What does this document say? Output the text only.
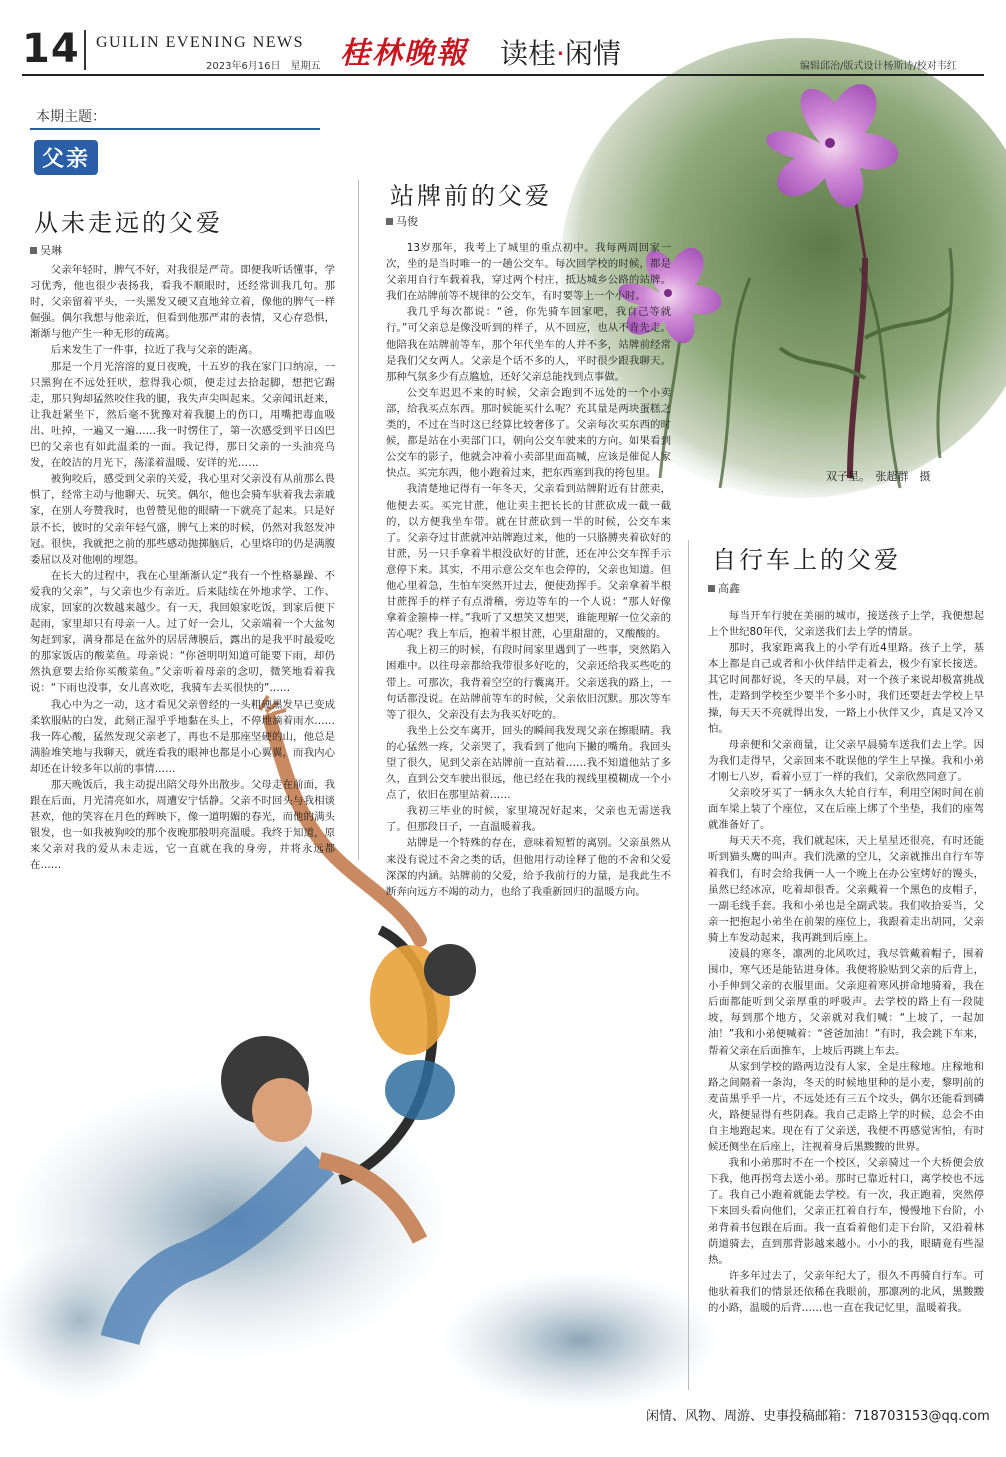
14 GUILIN EVENING NEWS
2023年6月16日　星期五 桂林晚報 读桂·闲情	编辑邱治/版式设计杨斯诗/校对韦红
本期主题：
父亲
从未走远的父爱
吴琳

父亲年轻时，脾气不好，对我很是严苛。即便我听话懂事，学习优秀，他也很少表扬我，看我不顺眼时，还经常训我几句。那时，父亲留着平头，一头黑发又硬又直地耸立着，像他的脾气一样倔强。偶尔我想与他亲近，但看到他那严肃的表情，又心存恐惧，渐渐与他产生一种无形的疏离。

后来发生了一件事，拉近了我与父亲的距离。

那是一个月光溶溶的夏日夜晚，十五岁的我在家门口纳凉，一只黑狗在不远处狂吠，惹得我心烦，便走过去拾起脚，想把它踢走，那只狗却猛然咬住我的腿，我失声尖叫起来。父亲闻讯赶来，让我赶紧坐下，然后毫不犹豫对着我腿上的伤口，用嘴把毒血吸出、吐掉，一遍又一遍……我一时愣住了，第一次感受到平日凶巴巴的父亲也有如此温柔的一面。我记得，那日父亲的一头油亮乌发，在皎洁的月光下，荡漾着温暖、安详的光……

被狗咬后，感受到父亲的关爱，我心里对父亲没有从前那么畏惧了，经常主动与他聊天、玩笑。偶尔，他也会骑车驮着我去亲戚家，在别人夸赞我时，也曾赞见他的眼睛一下就亮了起来。只是好景不长，彼时的父亲年轻气盛，脾气上来的时候，仍然对我怒发冲冠。很快，我就把之前的那些感动抛掷脑后，心里烙印的仍是满腹委屈以及对他刚的埋怨。

在长大的过程中，我在心里渐渐认定“我有一个性格暴躁、不爱我的父亲”，与父亲也少有亲近。后来陆续在外地求学、工作、成家，回家的次数越来越少。有一天，我回娘家吃饭，到家后便下起雨，家里却只有母亲一人。过了好一会儿，父亲端着一个大盆匆匆赶到家，满身都是在盆外的居居薄膜后，露出的是我平时最爱吃的那家饭店的酸菜鱼。母亲说：“你爸明明知道可能要下雨，却仍然执意要去给你买酸菜鱼。”父亲听着母亲的念叨，微笑地看着我说：“下雨也没事，女儿喜欢吃，我骑车去买很快的”……

我心中为之一动，这才看见父亲曾经的一头粗硬黑发早已变成柔软服帖的白发，此刻正湿乎乎地黏在头上，不停地滴着雨水……我一阵心酸，猛然发现父亲老了，再也不是那座坚硬的山，他总是满脸堆笑地与我聊天，就连看我的眼神也都是小心翼翼，而我内心却还在计较多年以前的事情……

那天晚饭后，我主动提出陪父母外出散步。父母走在前面，我跟在后面，月光清亮如水，周遭安宁恬静。父亲不时回头与我相谈甚欢，他的笑容在月色的辉映下，像一道明媚的春光，而他的满头银发，也一如我被狗咬的那个夜晚那般明亮温暖。我终于知道，原来父亲对我的爱从未走远，它一直就在我的身旁，并将永远都在……

站牌前的父爱
马俊

13岁那年，我考上了城里的重点初中。我每两周回家一次，坐的是当时唯一的一趟公交车。每次回学校的时候，都是父亲用自行车载着我，穿过两个村庄，抵达城乡公路的站牌。我们在站牌前等不规律的公交车，有时要等上一个小时。

我几乎每次都说：“爸，你先骑车回家吧，我自己等就行。”可父亲总是像没听到的样子，从不回应，也从不肯先走。他陪我在站牌前等车，那个年代坐车的人并不多，站牌前经常是我们父女两人。父亲是个话不多的人，平时很少跟我聊天。那种气氛多少有点尴尬，还好父亲总能找到点事做。

公交车迟迟不来的时候，父亲会跑到不远处的一个小卖部，给我买点东西。那时候能买什么呢？充其量是两块蛋糕之类的，不过在当时这已经算比较奢侈了。父亲每次买东西的时候，都是站在小卖部门口，朝向公交车驶来的方向。如果看到公交车的影子，他就会冲着小卖部里面高喊，应该是催促人家快点。买完东西，他小跑着过来，把东西塞到我的挎包里。

我清楚地记得有一年冬天，父亲看到站牌附近有甘蔗卖，他便去买。买完甘蔗，他让卖主把长长的甘蔗砍成一截一截的，以方便我坐车带。就在甘蔗砍到一半的时候，公交车来了。父亲夺过甘蔗就冲站牌跑过来，他的一只胳膊夹着砍好的甘蔗，另一只手拿着半根没砍好的甘蔗，还在冲公交车挥手示意停下来。其实，不用示意公交车也会停的，父亲也知道。但他心里着急，生怕车突然开过去，便使劲挥手。父亲拿着半根甘蔗挥手的样子有点滑稽，旁边等车的一个人说：“那人好像拿着金箍棒一样。”我听了又想笑又想哭，谁能理解一位父亲的苦心呢？我上车后，抱着半根甘蔗，心里甜甜的，又酸酸的。

我上初三的时候，有段时间家里遇到了一些事，突然陷入困难中。以往母亲都给我带很多好吃的，父亲还给我买些吃的带上。可那次，我背着空空的行囊离开。父亲送我的路上，一句话都没说。在站牌前等车的时候，父亲依旧沉默。那次等车等了很久，父亲没有去为我买好吃的。

我坐上公交车离开，回头的瞬间我发现父亲在擦眼睛。我的心猛然一疼，父亲哭了，我看到了他向下撇的嘴角。我回头望了很久，见到父亲在站牌前一直站着……我不知道他站了多久，直到公交车驶出很远，他已经在我的视线里模糊成一个小点了，依旧在那里站着……

我初三毕业的时候，家里境况好起来，父亲也无需送我了。但那段日子，一直温暖着我。

站牌是一个特殊的存在，意味着短暂的离别。父亲虽然从来没有说过不舍之类的话，但他用行动诠释了他的不舍和父爱深深的内涵。站牌前的父爱，给予我前行的力量，是我此生不断奔向远方不竭的动力，也给了我重新回归的温暖方向。

双子星。　张超群　摄
自行车上的父爱
高鑫

每当开车行驶在美丽的城市，接送孩子上学，我便想起上个世纪80年代，父亲送我们去上学的情景。

那时，我家距离我上的小学有近4里路。孩子上学，基本上都是自己或者和小伙伴结伴走着去，极少有家长接送。其它时间都好说，冬天的早晨，对一个孩子来说却极富挑战性，走路到学校至少要半个多小时，我们还要赶去学校上早操，每天天不亮就得出发，一路上小伙伴又少，真是又冷又怕。

母亲便和父亲商量，让父亲早晨骑车送我们去上学。因为我们走得早，父亲回来不耽误他的学生上早操。我和小弟才刚七八岁，看着小豆丁一样的我们，父亲欣然同意了。

父亲咬牙买了一辆永久大轮自行车，利用空闲时间在前面车梁上装了个座位，又在后座上绑了个坐垫，我们的座驾就准备好了。

每天天不亮，我们就起床，天上星星还很亮，有时还能听到猫头鹰的叫声。我们洗漱的空儿，父亲就推出自行车等着我们，有时会给我俩一人一个晚上在办公室烤好的馒头，虽然已经冰凉，吃着却很香。父亲戴着一个黑色的皮帽子，一副毛线手套。我和小弟也是全副武装。我们收拾妥当，父亲一把抱起小弟坐在前架的座位上，我跟着走出胡同，父亲骑上车发动起来，我再跳到后座上。

凌晨的寒冬，凛冽的北风吹过，我尽管戴着帽子，围着围巾，寒气还是能钻进身体。我便将脸贴到父亲的后背上，小手伸到父亲的衣服里面。父亲迎着寒风拼命地骑着，我在后面都能听到父亲厚重的呼吸声。去学校的路上有一段陡坡，每到那个地方，父亲就对我们喊：“上坡了，一起加油！”我和小弟便喊着：“爸爸加油！”有时，我会跳下车来，帮着父亲在后面推车，上坡后再跳上车去。

从家到学校的路两边没有人家，全是庄稼地。庄稼地和路之间隔着一条沟，冬天的时候地里种的是小麦，黎明前的麦苗黑乎乎一片，不远处还有三五个坟头，偶尔还能看到磷火，路便显得有些阴森。我自己走路上学的时候，总会不由自主地跑起来。现在有了父亲送，我便不再感觉害怕，有时候还侧坐在后座上，注视着身后黑黢黢的世界。

我和小弟那时不在一个校区，父亲骑过一个大桥便会放下我，他再拐弯去送小弟。那时已靠近村口，离学校也不远了。我自己小跑着就能去学校。有一次，我正跑着，突然停下来回头看向他们，父亲正扛着自行车，慢慢地下台阶，小弟背着书包跟在后面。我一直看着他们走下台阶，又沿着林荫道骑去，直到那背影越来越小。小小的我，眼睛竟有些湿热。

许多年过去了，父亲年纪大了，很久不再骑自行车。可他驮着我们的情景还依稀在我眼前，那凛冽的北风，黑黢黢的小路，温暖的后背……也一直在我记忆里，温暖着我。

闲情、风物、周游、史事投稿邮箱：718703153@qq.com
